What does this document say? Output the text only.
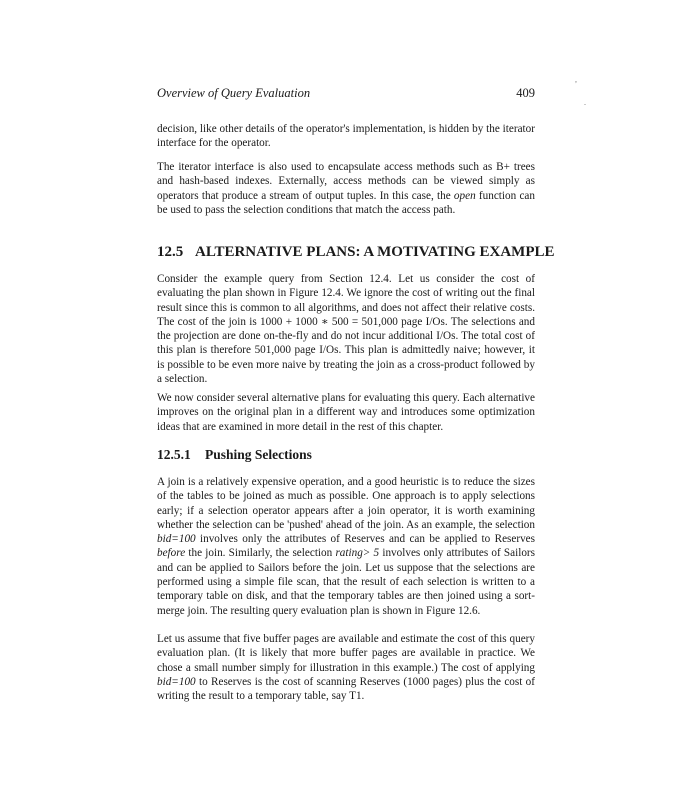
Overview of Query Evaluation	409
,
.

decision, like other details of the operator's implementation, is hidden by the iterator interface for the operator.

The iterator interface is also used to encapsulate access methods such as B+ trees and hash-based indexes. Externally, access methods can be viewed simply as operators that produce a stream of output tuples. In this case, the open function can be used to pass the selection conditions that match the access path.

12.5 ALTERNATIVE PLANS: A MOTIVATING EXAMPLE

Consider the example query from Section 12.4. Let us consider the cost of evaluating the plan shown in Figure 12.4. We ignore the cost of writing out the final result since this is common to all algorithms, and does not affect their relative costs. The cost of the join is 1000 + 1000 ∗ 500 = 501,000 page I/Os. The selections and the projection are done on-the-fly and do not incur additional I/Os. The total cost of this plan is therefore 501,000 page I/Os. This plan is admittedly naive; however, it is possible to be even more naive by treating the join as a cross-product followed by a selection.

We now consider several alternative plans for evaluating this query. Each alternative improves on the original plan in a different way and introduces some optimization ideas that are examined in more detail in the rest of this chapter.

12.5.1 Pushing Selections

A join is a relatively expensive operation, and a good heuristic is to reduce the sizes of the tables to be joined as much as possible. One approach is to apply selections early; if a selection operator appears after a join operator, it is worth examining whether the selection can be 'pushed' ahead of the join. As an example, the selection bid=100 involves only the attributes of Reserves and can be applied to Reserves before the join. Similarly, the selection rating> 5 involves only attributes of Sailors and can be applied to Sailors before the join. Let us suppose that the selections are performed using a simple file scan, that the result of each selection is written to a temporary table on disk, and that the temporary tables are then joined using a sort-merge join. The resulting query evaluation plan is shown in Figure 12.6.

Let us assume that five buffer pages are available and estimate the cost of this query evaluation plan. (It is likely that more buffer pages are available in practice. We chose a small number simply for illustration in this example.) The cost of applying bid=100 to Reserves is the cost of scanning Reserves (1000 pages) plus the cost of writing the result to a temporary table, say T1.
